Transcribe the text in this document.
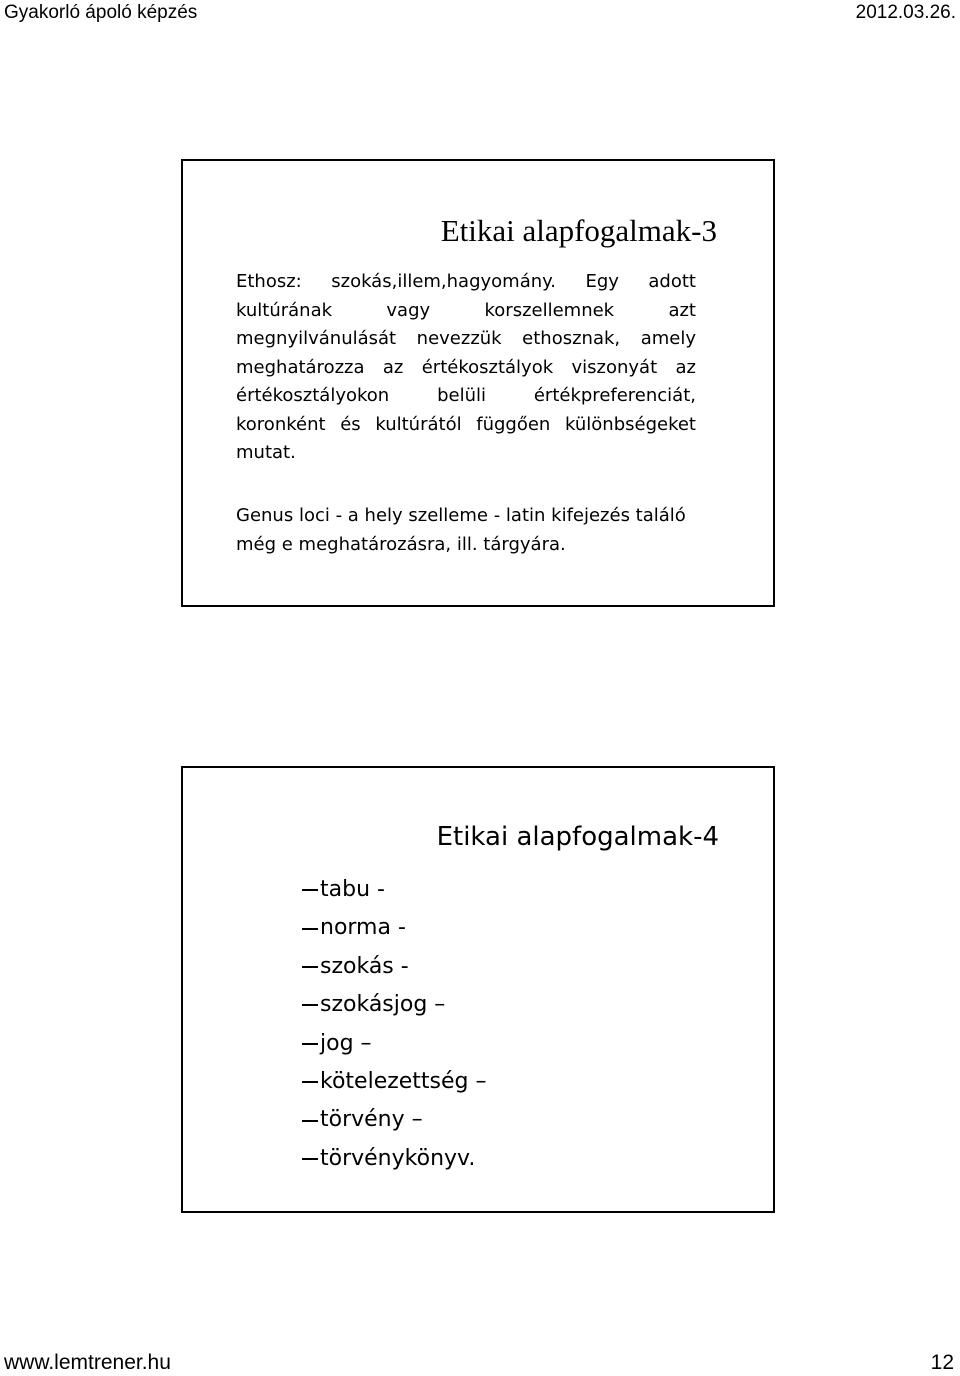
Gyakorló ápoló képzés	2012.03.26.
Etikai alapfogalmak-3
Ethosz: szokás,illem,hagyomány. Egy adott kultúrának vagy korszellemnek azt megnyilvánulását nevezzük ethosznak, amely meghatározza az értékosztályok viszonyát az értékosztályokon belüli értékpreferenciát, koronként és kultúrától függően különbségeket mutat.
Genus loci - a hely szelleme - latin kifejezés találó még e meghatározásra, ill. tárgyára.
Etikai alapfogalmak-4
tabu -
norma -
szokás -
szokásjog –
jog –
kötelezettség –
törvény –
törvénykönyv.
www.lemtrener.hu	12
